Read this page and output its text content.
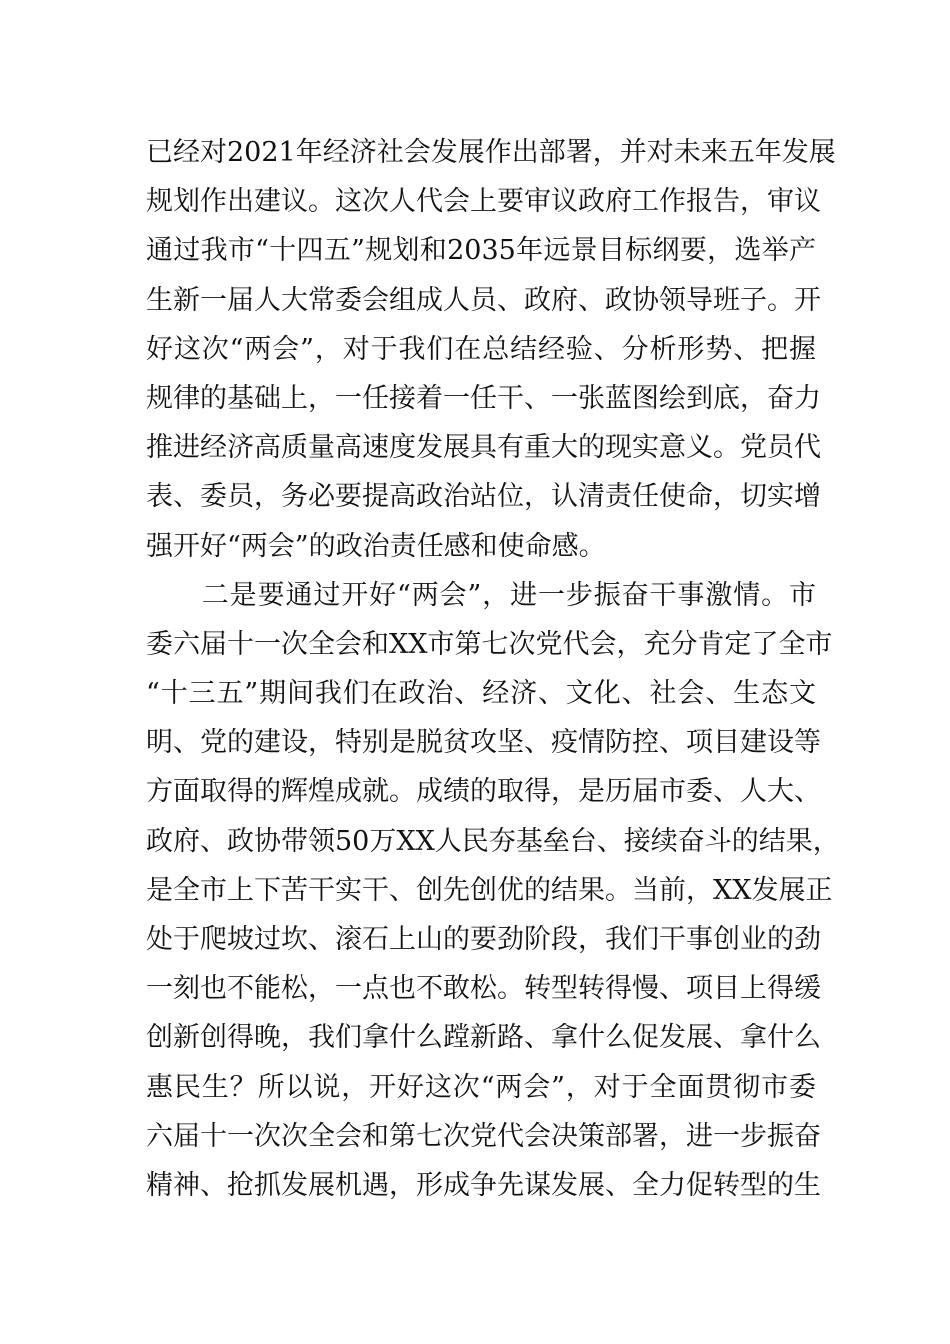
已经对2021年经济社会发展作出部署，并对未来五年发展
规划作出建议。这次人代会上要审议政府工作报告，审议
通过我市“十四五”规划和2035年远景目标纲要，选举产
生新一届人大常委会组成人员、政府、政协领导班子。开
好这次“两会”，对于我们在总结经验、分析形势、把握
规律的基础上，一任接着一任干、一张蓝图绘到底，奋力
推进经济高质量高速度发展具有重大的现实意义。党员代
表、委员，务必要提高政治站位，认清责任使命，切实增
强开好“两会”的政治责任感和使命感。
　　二是要通过开好“两会”，进一步振奋干事激情。市
委六届十一次全会和XX市第七次党代会，充分肯定了全市
“十三五”期间我们在政治、经济、文化、社会、生态文
明、党的建设，特别是脱贫攻坚、疫情防控、项目建设等
方面取得的辉煌成就。成绩的取得，是历届市委、人大、
政府、政协带领50万XX人民夯基垒台、接续奋斗的结果，
是全市上下苦干实干、创先创优的结果。当前，XX发展正
处于爬坡过坎、滚石上山的要劲阶段，我们干事创业的劲
一刻也不能松，一点也不敢松。转型转得慢、项目上得缓
创新创得晚，我们拿什么蹚新路、拿什么促发展、拿什么
惠民生？所以说，开好这次“两会”，对于全面贯彻市委
六届十一次次全会和第七次党代会决策部署，进一步振奋
精神、抢抓发展机遇，形成争先谋发展、全力促转型的生
